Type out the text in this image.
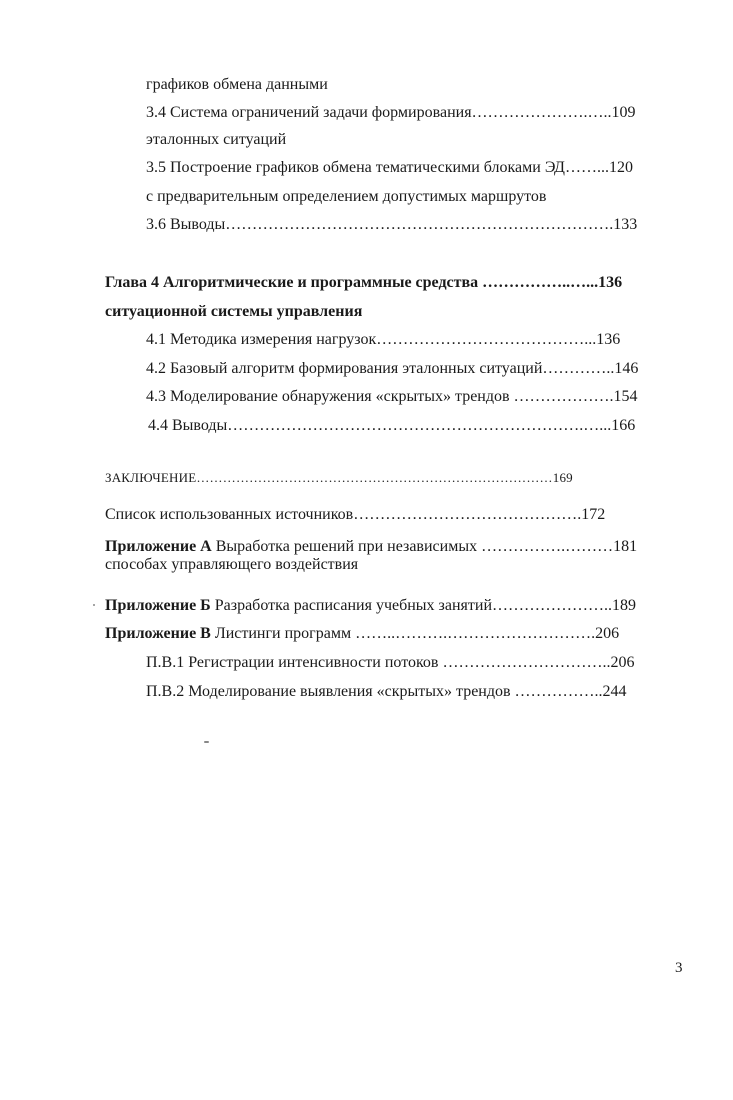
графиков обмена данными
3.4 Система ограничений задачи формирования………………….…..109
эталонных ситуаций
3.5 Построение графиков обмена тематическими блоками ЭД……...120
с предварительным определением допустимых маршрутов
3.6 Выводы……………………………………………………………….133
Глава 4 Алгоритмические и программные средства ……………..…...136
ситуационной системы управления
4.1 Методика измерения нагрузок…………………………………...136
4.2 Базовый алгоритм формирования эталонных ситуаций…………..146
4.3 Моделирование обнаружения «скрытых» трендов ……………….154
4.4 Выводы………………………………………………………….…...166
ЗАКЛЮЧЕНИЕ………………………………………………………………………169
Список использованных источников…………………………………….172
Приложение А Выработка решений при независимых …………….………181
способах управляющего воздействия
Приложение Б Разработка расписания учебных занятий…………………..189
Приложение В Листинги программ ……..……….……………………….206
П.В.1 Регистрации интенсивности потоков …………………………..206
П.В.2 Моделирование выявления «скрытых» трендов ……………..244
3
